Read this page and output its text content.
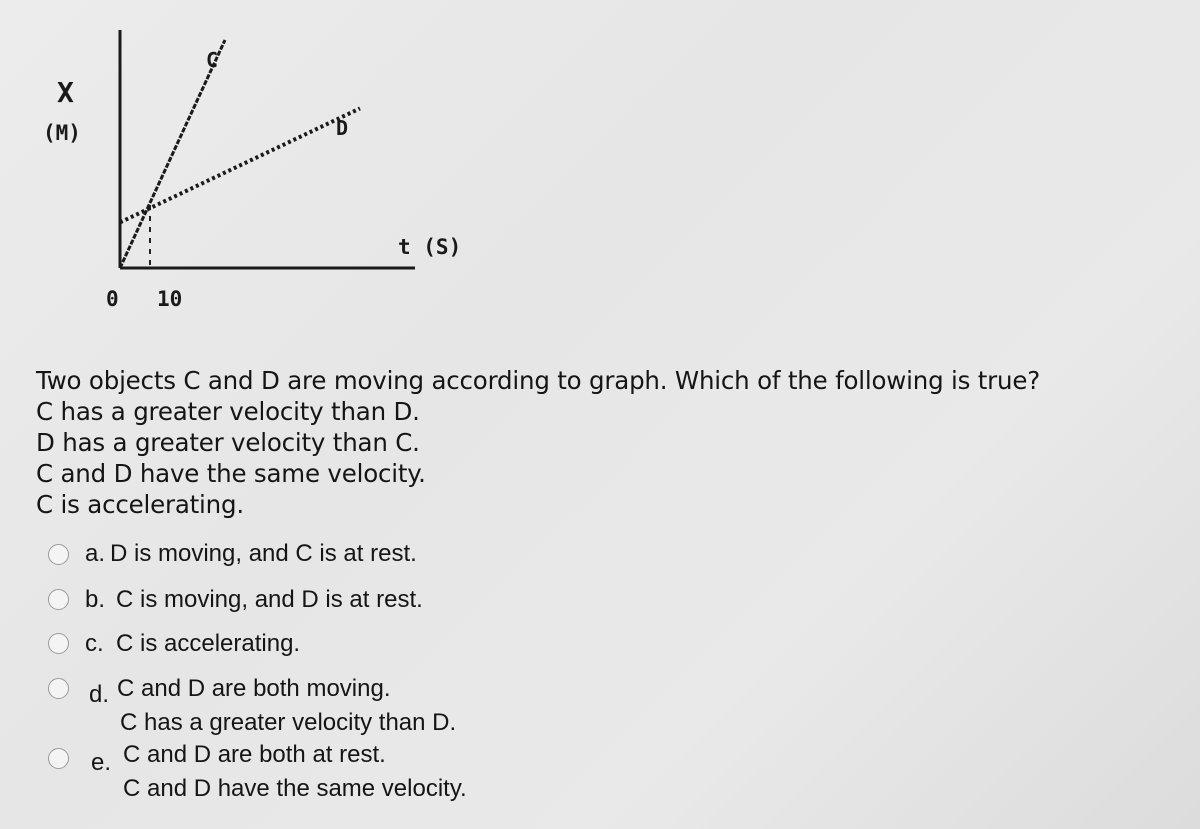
X
(M)
t (S)
0 10
C
D
Two objects C and D are moving according to graph. Which of the following is true?
C has a greater velocity than D.
D has a greater velocity than C.
C and D have the same velocity.
C is accelerating.
a. D is moving, and C is at rest.
b. C is moving, and D is at rest.
c. C is accelerating.
d. C and D are both moving.
C has a greater velocity than D.
e. C and D are both at rest.
C and D have the same velocity.
